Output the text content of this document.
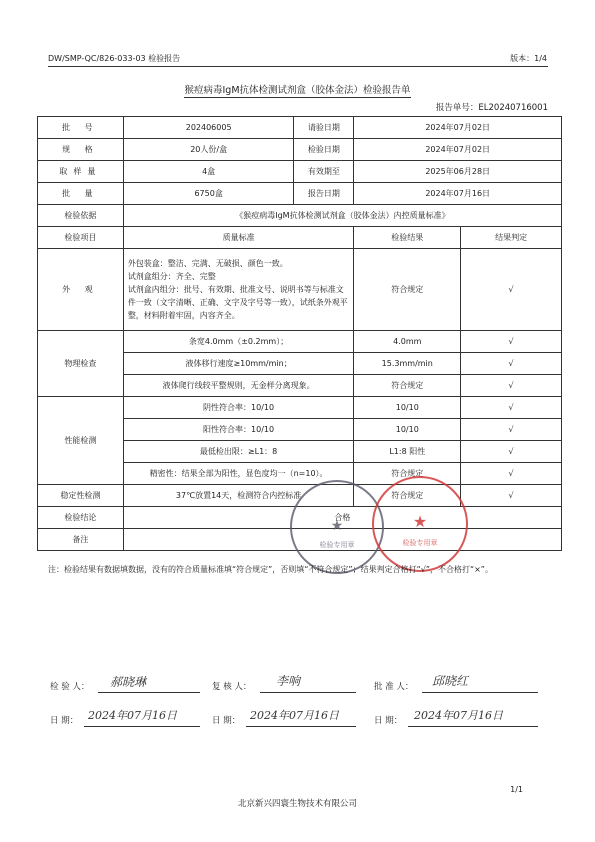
DW/SMP-QC/826-033-03 检验报告	版本：1/4
猴痘病毒IgM抗体检测试剂盒（胶体金法）检验报告单
报告单号：EL20240716001
批 号	202406005	请验日期	2024年07月02日	
规 格	20人份/盒	检验日期	2024年07月02日	
取样量	4盒	有效期至	2025年06月28日	
批 量	6750盒	报告日期	2024年07月16日	
检验依据	《猴痘病毒IgM抗体检测试剂盒（胶体金法）内控质量标准》			
检验项目	质量标准		检验结果	结果判定
外 观	外包装盒：整洁、完满、无破损、颜色一致。
试剂盒组分：齐全、完整
试剂盒内组分：批号、有效期、批准文号、说明书等与标准文件一致（文字清晰、正确、文字及字号等一致），试纸条外观平整，材料附着牢固，内容齐全。		符合规定	√
物理检查	条宽4.0mm（±0.2mm）；		4.0mm	√
	液体移行速度≥10mm/min；		15.3mm/min	√
	液体爬行线较平整规则，无金样分离现象。		符合规定	√
性能检测	阴性符合率：10/10		10/10	√
	阳性符合率：10/10		10/10	√
	最低检出限：≥L1：8		L1:8 阳性	√
	精密性：结果全部为阳性，显色度均一（n=10）。		符合规定	√
稳定性检测	37℃放置14天，检测符合内控标准		符合规定	√
检验结论	合格			
备注				
★
检验专用章
★
检验专用章
注：检验结果有数据填数据，没有的符合质量标准填“符合规定”，否则填“不符合规定”；结果判定合格打“√”，不合格打“×”。
检 验 人： 郝晓琳	复 核 人： 李响	批 准 人： 邱晓红
日 期： 2024年07月16日	日 期： 2024年07月16日	日 期： 2024年07月16日
1/1
北京新兴四寰生物技术有限公司
